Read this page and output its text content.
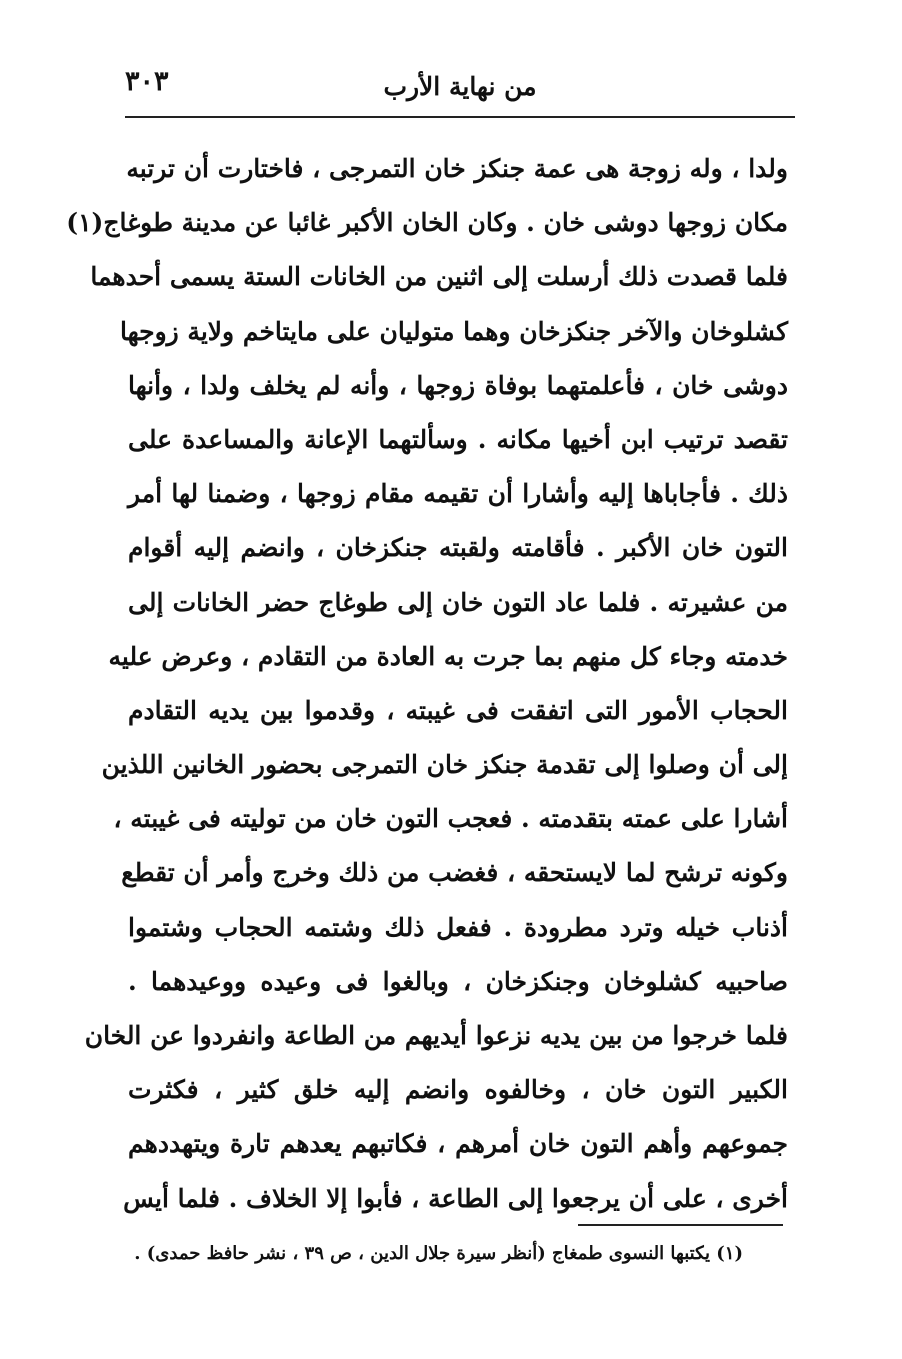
٣٠٣	من نهاية الأرب
ولدا ، وله زوجة هى عمة جنكز خان التمرجى ، فاختارت أن ترتبه
مكان زوجها دوشى خان . وكان الخان الأكبر غائبا عن مدينة طوغاج(١)
فلما قصدت ذلك أرسلت إلى اثنين من الخانات الستة يسمى أحدهما
كشلوخان والآخر جنكزخان وهما متوليان على مايتاخم ولاية زوجها
دوشى خان ، فأعلمتهما بوفاة زوجها ، وأنه لم يخلف ولدا ، وأنها
تقصد ترتيب ابن أخيها مكانه . وسألتهما الإعانة والمساعدة على
ذلك . فأجاباها إليه وأشارا أن تقيمه مقام زوجها ، وضمنا لها أمر
التون خان الأكبر . فأقامته ولقبته جنكزخان ، وانضم إليه أقوام
من عشيرته . فلما عاد التون خان إلى طوغاج حضر الخانات إلى
خدمته وجاء كل منهم بما جرت به العادة من التقادم ، وعرض عليه
الحجاب الأمور التى اتفقت فى غيبته ، وقدموا بين يديه التقادم
إلى أن وصلوا إلى تقدمة جنكز خان التمرجى بحضور الخانين اللذين
أشارا على عمته بتقدمته . فعجب التون خان من توليته فى غيبته ،
وكونه ترشح لما لايستحقه ، فغضب من ذلك وخرج وأمر أن تقطع
أذناب خيله وترد مطرودة . ففعل ذلك وشتمه الحجاب وشتموا
صاحبيه كشلوخان وجنكزخان ، وبالغوا فى وعيده ووعيدهما .
فلما خرجوا من بين يديه نزعوا أيديهم من الطاعة وانفردوا عن الخان
الكبير التون خان ، وخالفوه وانضم إليه خلق كثير ، فكثرت
جموعهم وأهم التون خان أمرهم ، فكاتبهم يعدهم تارة ويتهددهم
أخرى ، على أن يرجعوا إلى الطاعة ، فأبوا إلا الخلاف . فلما أيس
(١) يكتبها النسوى طمغاج (أنظر سيرة جلال الدين ، ص ٣٩ ، نشر حافظ حمدى) .
